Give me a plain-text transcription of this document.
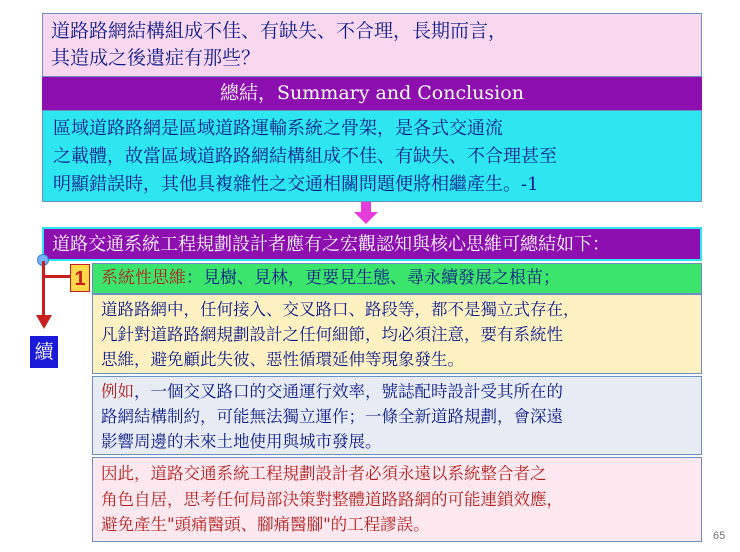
道路路網結構組成不佳、有缺失、不合理，長期而言，

其造成之後遺症有那些？

總結，Summary and Conclusion

區域道路路網是區域道路運輸系統之骨架，是各式交通流

之載體，故當區域道路路網結構組成不佳、有缺失、不合理甚至

明顯錯誤時，其他具複雜性之交通相關問題便將相繼產生。-1

道路交通系統工程規劃設計者應有之宏觀認知與核心思維可總結如下：
1
續
系統性思維：見樹、見林，更要見生態、尋永續發展之根苗；

道路路網中，任何接入、交叉路口、路段等，都不是獨立式存在，

凡針對道路路網規劃設計之任何細節，均必須注意，要有系統性

思維，避免顧此失彼、惡性循環延伸等現象發生。

例如，一個交叉路口的交通運行效率，號誌配時設計受其所在的

路網結構制約，可能無法獨立運作；一條全新道路規劃，會深遠

影響周邊的未來土地使用與城市發展。

因此，道路交通系統工程規劃設計者必須永遠以系統整合者之

角色自居，思考任何局部決策對整體道路路網的可能連鎖效應，

避免產生"頭痛醫頭、腳痛醫腳"的工程謬誤。

65
